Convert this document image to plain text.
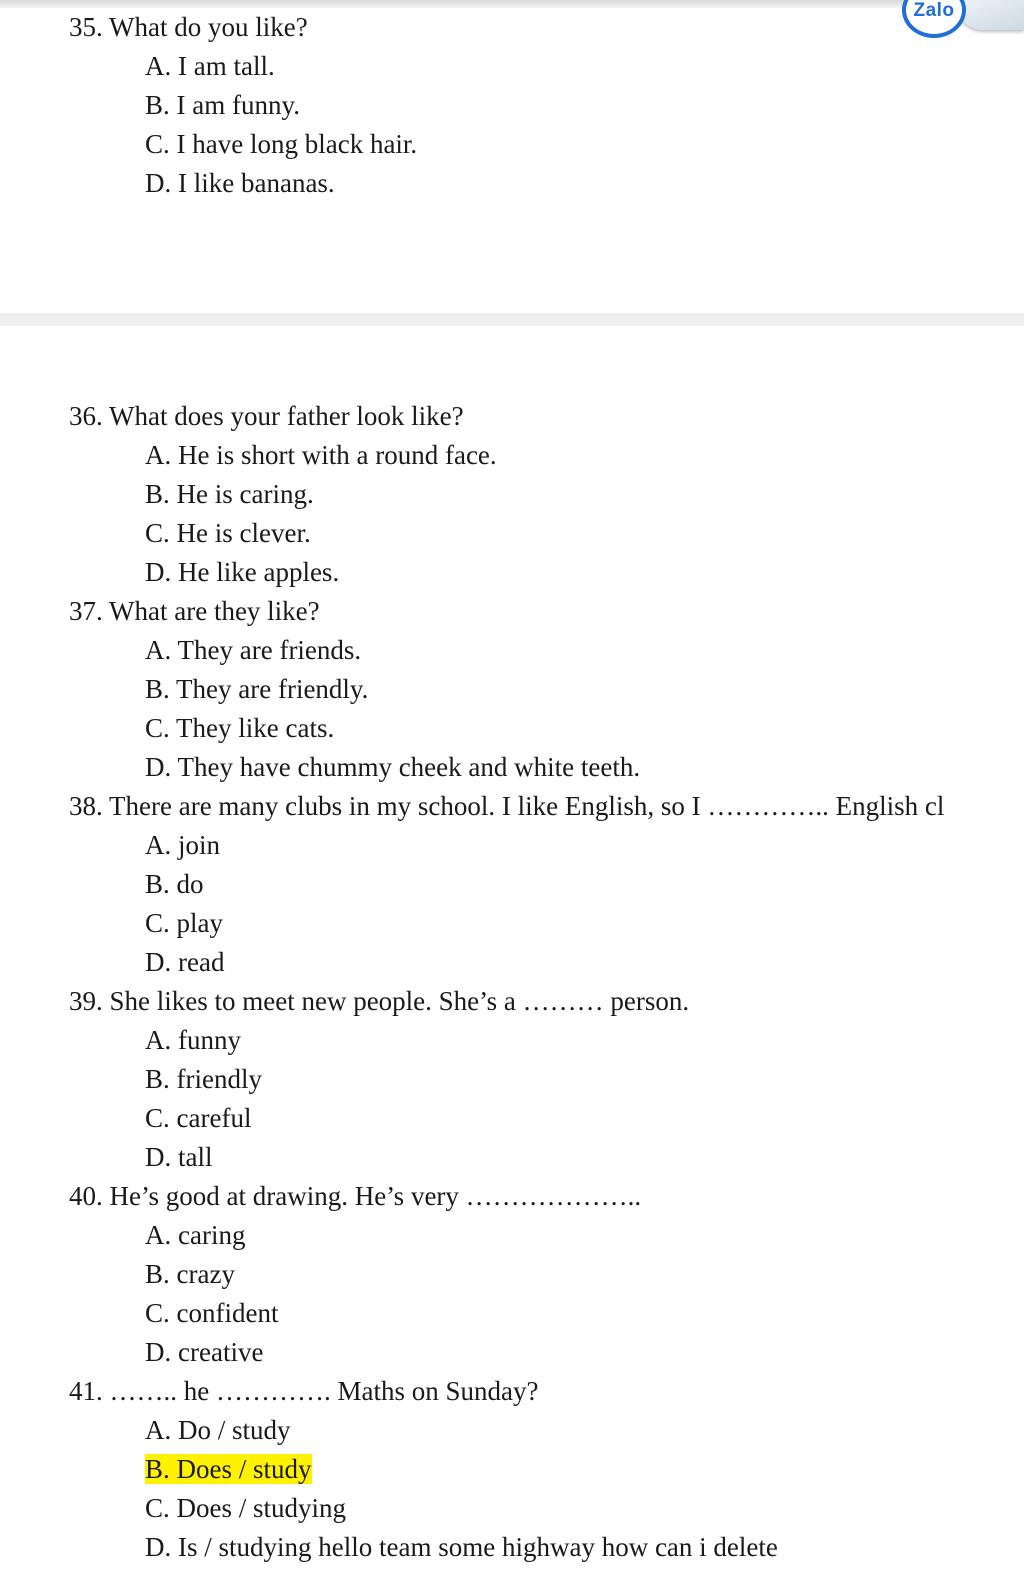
Zalo
35. What do you like?
A. I am tall.
B. I am funny.
C. I have long black hair.
D. I like bananas.
36. What does your father look like?
A. He is short with a round face.
B. He is caring.
C. He is clever.
D. He like apples.
37. What are they like?
A. They are friends.
B. They are friendly.
C. They like cats.
D. They have chummy cheek and white teeth.
38. There are many clubs in my school. I like English, so I ………….. English cl
A. join
B. do
C. play
D. read
39. She likes to meet new people. She’s a ……… person.
A. funny
B. friendly
C. careful
D. tall
40. He’s good at drawing. He’s very ………………..
A. caring
B. crazy
C. confident
D. creative
41. …….. he …………. Maths on Sunday?
A. Do / study
B. Does / study
C. Does / studying
D. Is / studying hello team some highway how can i delete
